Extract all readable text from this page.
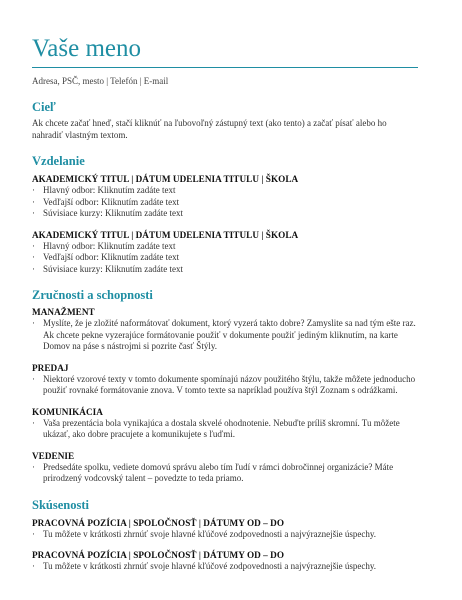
Vaše meno
Adresa, PSČ, mesto | Telefón | E-mail
Cieľ

Ak chcete začať hneď, stačí kliknúť na ľubovoľný zástupný text (ako tento) a začať písať alebo ho nahradiť vlastným textom.

Vzdelanie
AKADEMICKÝ TITUL | DÁTUM UDELENIA TITULU | ŠKOLA
· Hlavný odbor: Kliknutím zadáte text
· Vedľajší odbor: Kliknutím zadáte text
· Súvisiace kurzy: Kliknutím zadáte text
AKADEMICKÝ TITUL | DÁTUM UDELENIA TITULU | ŠKOLA
· Hlavný odbor: Kliknutím zadáte text
· Vedľajší odbor: Kliknutím zadáte text
· Súvisiace kurzy: Kliknutím zadáte text
Zručnosti a schopnosti
MANAŽMENT
· Myslíte, že je zložité naformátovať dokument, ktorý vyzerá takto dobre? Zamyslite sa nad tým ešte raz. Ak chcete pekne vyzerajúce formátovanie použiť v dokumente použiť jediným kliknutím, na karte Domov na páse s nástrojmi si pozrite časť Štýly.
PREDAJ
· Niektoré vzorové texty v tomto dokumente spomínajú názov použitého štýlu, takže môžete jednoducho použiť rovnaké formátovanie znova. V tomto texte sa napríklad používa štýl Zoznam s odrážkami.
KOMUNIKÁCIA
· Vaša prezentácia bola vynikajúca a dostala skvelé ohodnotenie. Nebuďte príliš skromní. Tu môžete ukázať, ako dobre pracujete a komunikujete s ľuďmi.
VEDENIE
· Predsedáte spolku, vediete domovú správu alebo tím ľudí v rámci dobročinnej organizácie? Máte prirodzený vodcovský talent – povedzte to teda priamo.
Skúsenosti
PRACOVNÁ POZÍCIA | SPOLOČNOSŤ | DÁTUMY OD – DO
· Tu môžete v krátkosti zhrnúť svoje hlavné kľúčové zodpovednosti a najvýraznejšie úspechy.
PRACOVNÁ POZÍCIA | SPOLOČNOSŤ | DÁTUMY OD – DO
· Tu môžete v krátkosti zhrnúť svoje hlavné kľúčové zodpovednosti a najvýraznejšie úspechy.
